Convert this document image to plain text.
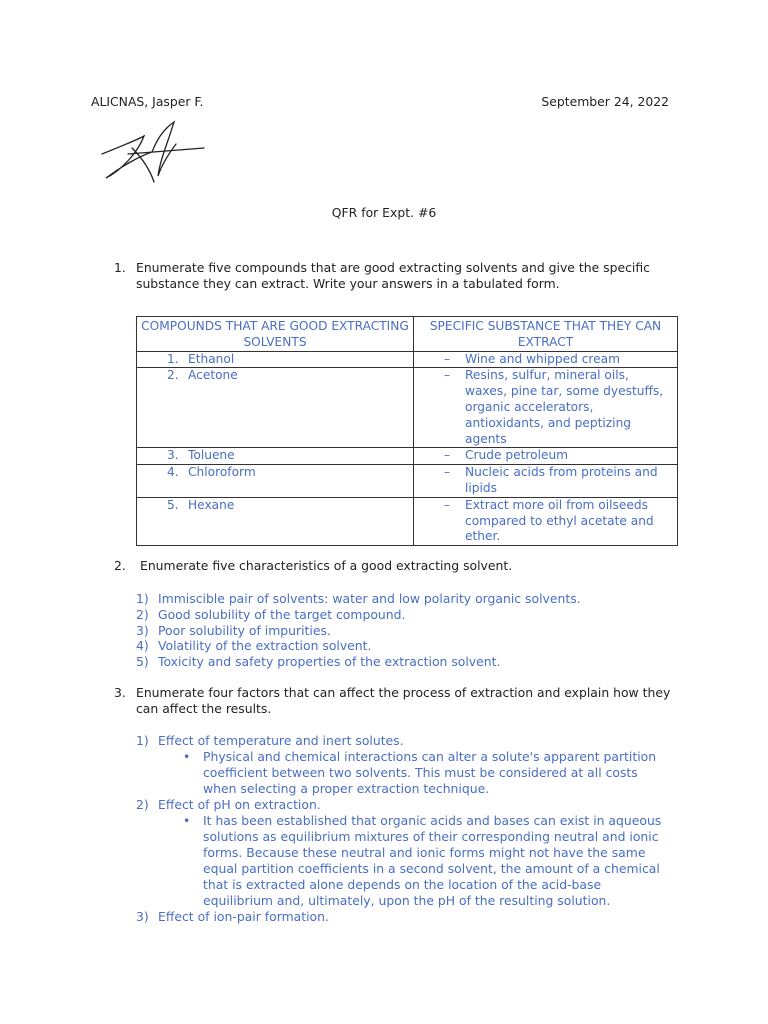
ALICNAS, Jasper F.	September 24, 2022
QFR for Expt. #6
1. Enumerate five compounds that are good extracting solvents and give the specific substance they can extract. Write your answers in a tabulated form.
COMPOUNDS THAT ARE GOOD EXTRACTING SOLVENTS	SPECIFIC SUBSTANCE THAT THEY CAN EXTRACT

1. Ethanol	– Wine and whipped cream

2. Acetone	– Resins, sulfur, mineral oils, waxes, pine tar, some dyestuffs, organic accelerators, antioxidants, and peptizing agents

3. Toluene	– Crude petroleum

4. Chloroform	– Nucleic acids from proteins and lipids

5. Hexane	– Extract more oil from oilseeds compared to ethyl acetate and ether.
2. Enumerate five characteristics of a good extracting solvent.
1) Immiscible pair of solvents: water and low polarity organic solvents.
2) Good solubility of the target compound.
3) Poor solubility of impurities.
4) Volatility of the extraction solvent.
5) Toxicity and safety properties of the extraction solvent.
3. Enumerate four factors that can affect the process of extraction and explain how they can affect the results.
1) Effect of temperature and inert solutes.
• Physical and chemical interactions can alter a solute's apparent partition coefficient between two solvents. This must be considered at all costs when selecting a proper extraction technique.
2) Effect of pH on extraction.
• It has been established that organic acids and bases can exist in aqueous solutions as equilibrium mixtures of their corresponding neutral and ionic forms. Because these neutral and ionic forms might not have the same equal partition coefficients in a second solvent, the amount of a chemical that is extracted alone depends on the location of the acid-base equilibrium and, ultimately, upon the pH of the resulting solution.
3) Effect of ion-pair formation.
